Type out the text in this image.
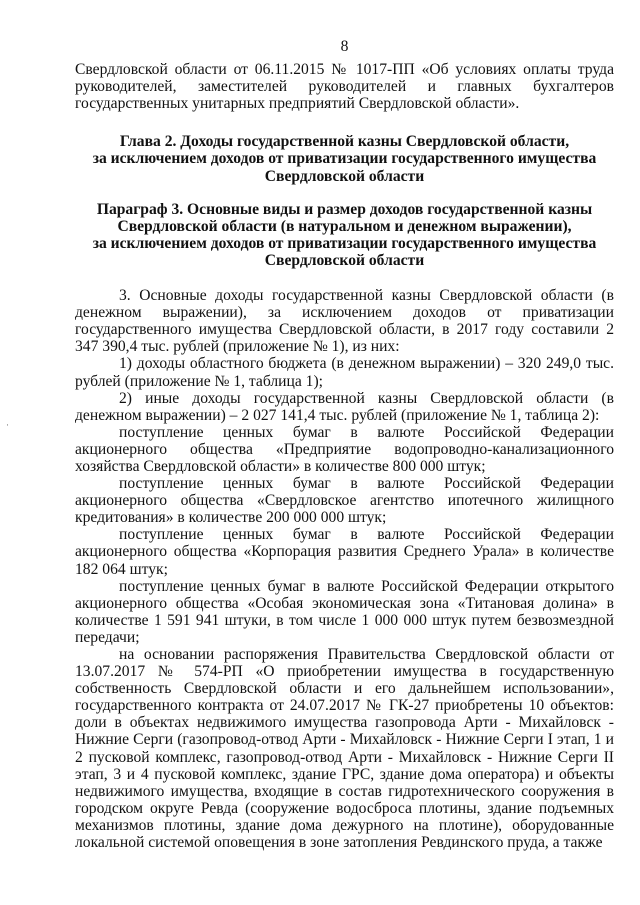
8

Свердловской области от 06.11.2015 № 1017-ПП «Об условиях оплаты труда руководителей, заместителей руководителей и главных бухгалтеров государственных унитарных предприятий Свердловской области».

Глава 2. Доходы государственной казны Свердловской области,
за исключением доходов от приватизации государственного имущества
Свердловской области
Параграф 3. Основные виды и размер доходов государственной казны
Свердловской области (в натуральном и денежном выражении),
за исключением доходов от приватизации государственного имущества
Свердловской области

3. Основные доходы государственной казны Свердловской области (в денежном выражении), за исключением доходов от приватизации государственного имущества Свердловской области, в 2017 году составили 2 347 390,4 тыс. рублей (приложение № 1), из них:

1) доходы областного бюджета (в денежном выражении) – 320 249,0 тыс. рублей (приложение № 1, таблица 1);

2) иные доходы государственной казны Свердловской области (в денежном выражении) – 2 027 141,4 тыс. рублей (приложение № 1, таблица 2):

поступление ценных бумаг в валюте Российской Федерации акционерного общества «Предприятие водопроводно-канализационного хозяйства Свердловской области» в количестве 800 000 штук;

поступление ценных бумаг в валюте Российской Федерации акционерного общества «Свердловское агентство ипотечного жилищного кредитования» в количестве 200 000 000 штук;

поступление ценных бумаг в валюте Российской Федерации акционерного общества «Корпорация развития Среднего Урала» в количестве 182 064 штук;

поступление ценных бумаг в валюте Российской Федерации открытого акционерного общества «Особая экономическая зона «Титановая долина» в количестве 1 591 941 штуки, в том числе 1 000 000 штук путем безвозмездной передачи;

на основании распоряжения Правительства Свердловской области от 13.07.2017 № 574-РП «О приобретении имущества в государственную собственность Свердловской области и его дальнейшем использовании», государственного контракта от 24.07.2017 № ГК-27 приобретены 10 объектов: доли в объектах недвижимого имущества газопровода Арти - Михайловск - Нижние Серги (газопровод-отвод Арти - Михайловск - Нижние Серги I этап, 1 и 2 пусковой комплекс, газопровод-отвод Арти - Михайловск - Нижние Серги II этап, 3 и 4 пусковой комплекс, здание ГРС, здание дома оператора) и объекты недвижимого имущества, входящие в состав гидротехнического сооружения в городском округе Ревда (сооружение водосброса плотины, здание подъемных механизмов плотины, здание дома дежурного на плотине), оборудованные локальной системой оповещения в зоне затопления Ревдинского пруда, а также

·
